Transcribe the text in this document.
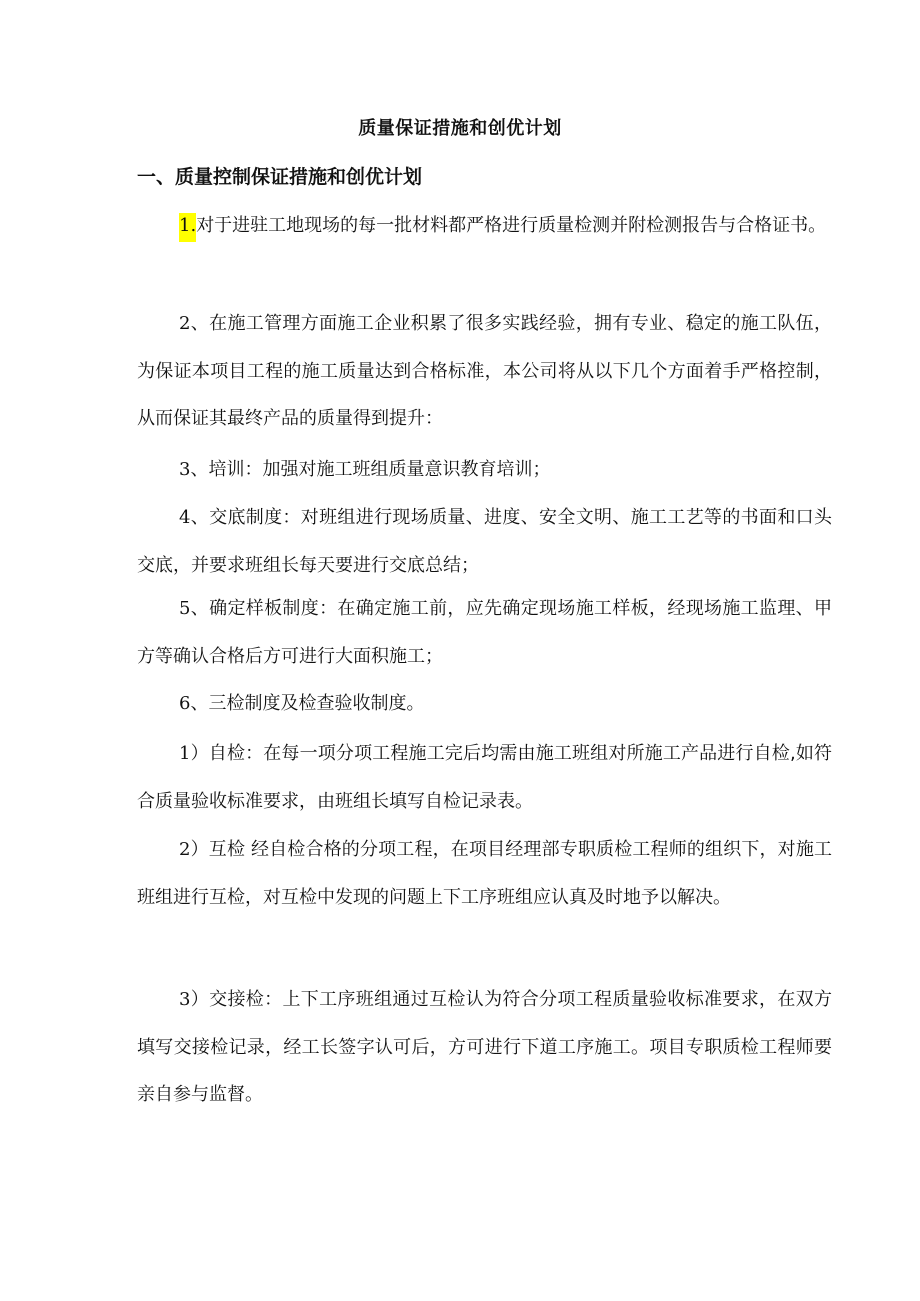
质量保证措施和创优计划
一、质量控制保证措施和创优计划

1.对于进驻工地现场的每一批材料都严格进行质量检测并附检测报告与合格证书。

2、在施工管理方面施工企业积累了很多实践经验，拥有专业、稳定的施工队伍，为保证本项目工程的施工质量达到合格标准，本公司将从以下几个方面着手严格控制，从而保证其最终产品的质量得到提升：

3、培训：加强对施工班组质量意识教育培训；

4、交底制度：对班组进行现场质量、进度、安全文明、施工工艺等的书面和口头交底，并要求班组长每天要进行交底总结；

5、确定样板制度：在确定施工前，应先确定现场施工样板，经现场施工监理、甲方等确认合格后方可进行大面积施工；

6、三检制度及检查验收制度。

1）自检：在每一项分项工程施工完后均需由施工班组对所施工产品进行自检,如符合质量验收标准要求，由班组长填写自检记录表。

2）互检 经自检合格的分项工程，在项目经理部专职质检工程师的组织下，对施工班组进行互检，对互检中发现的问题上下工序班组应认真及时地予以解决。

3）交接检：上下工序班组通过互检认为符合分项工程质量验收标准要求，在双方填写交接检记录，经工长签字认可后，方可进行下道工序施工。项目专职质检工程师要亲自参与监督。
